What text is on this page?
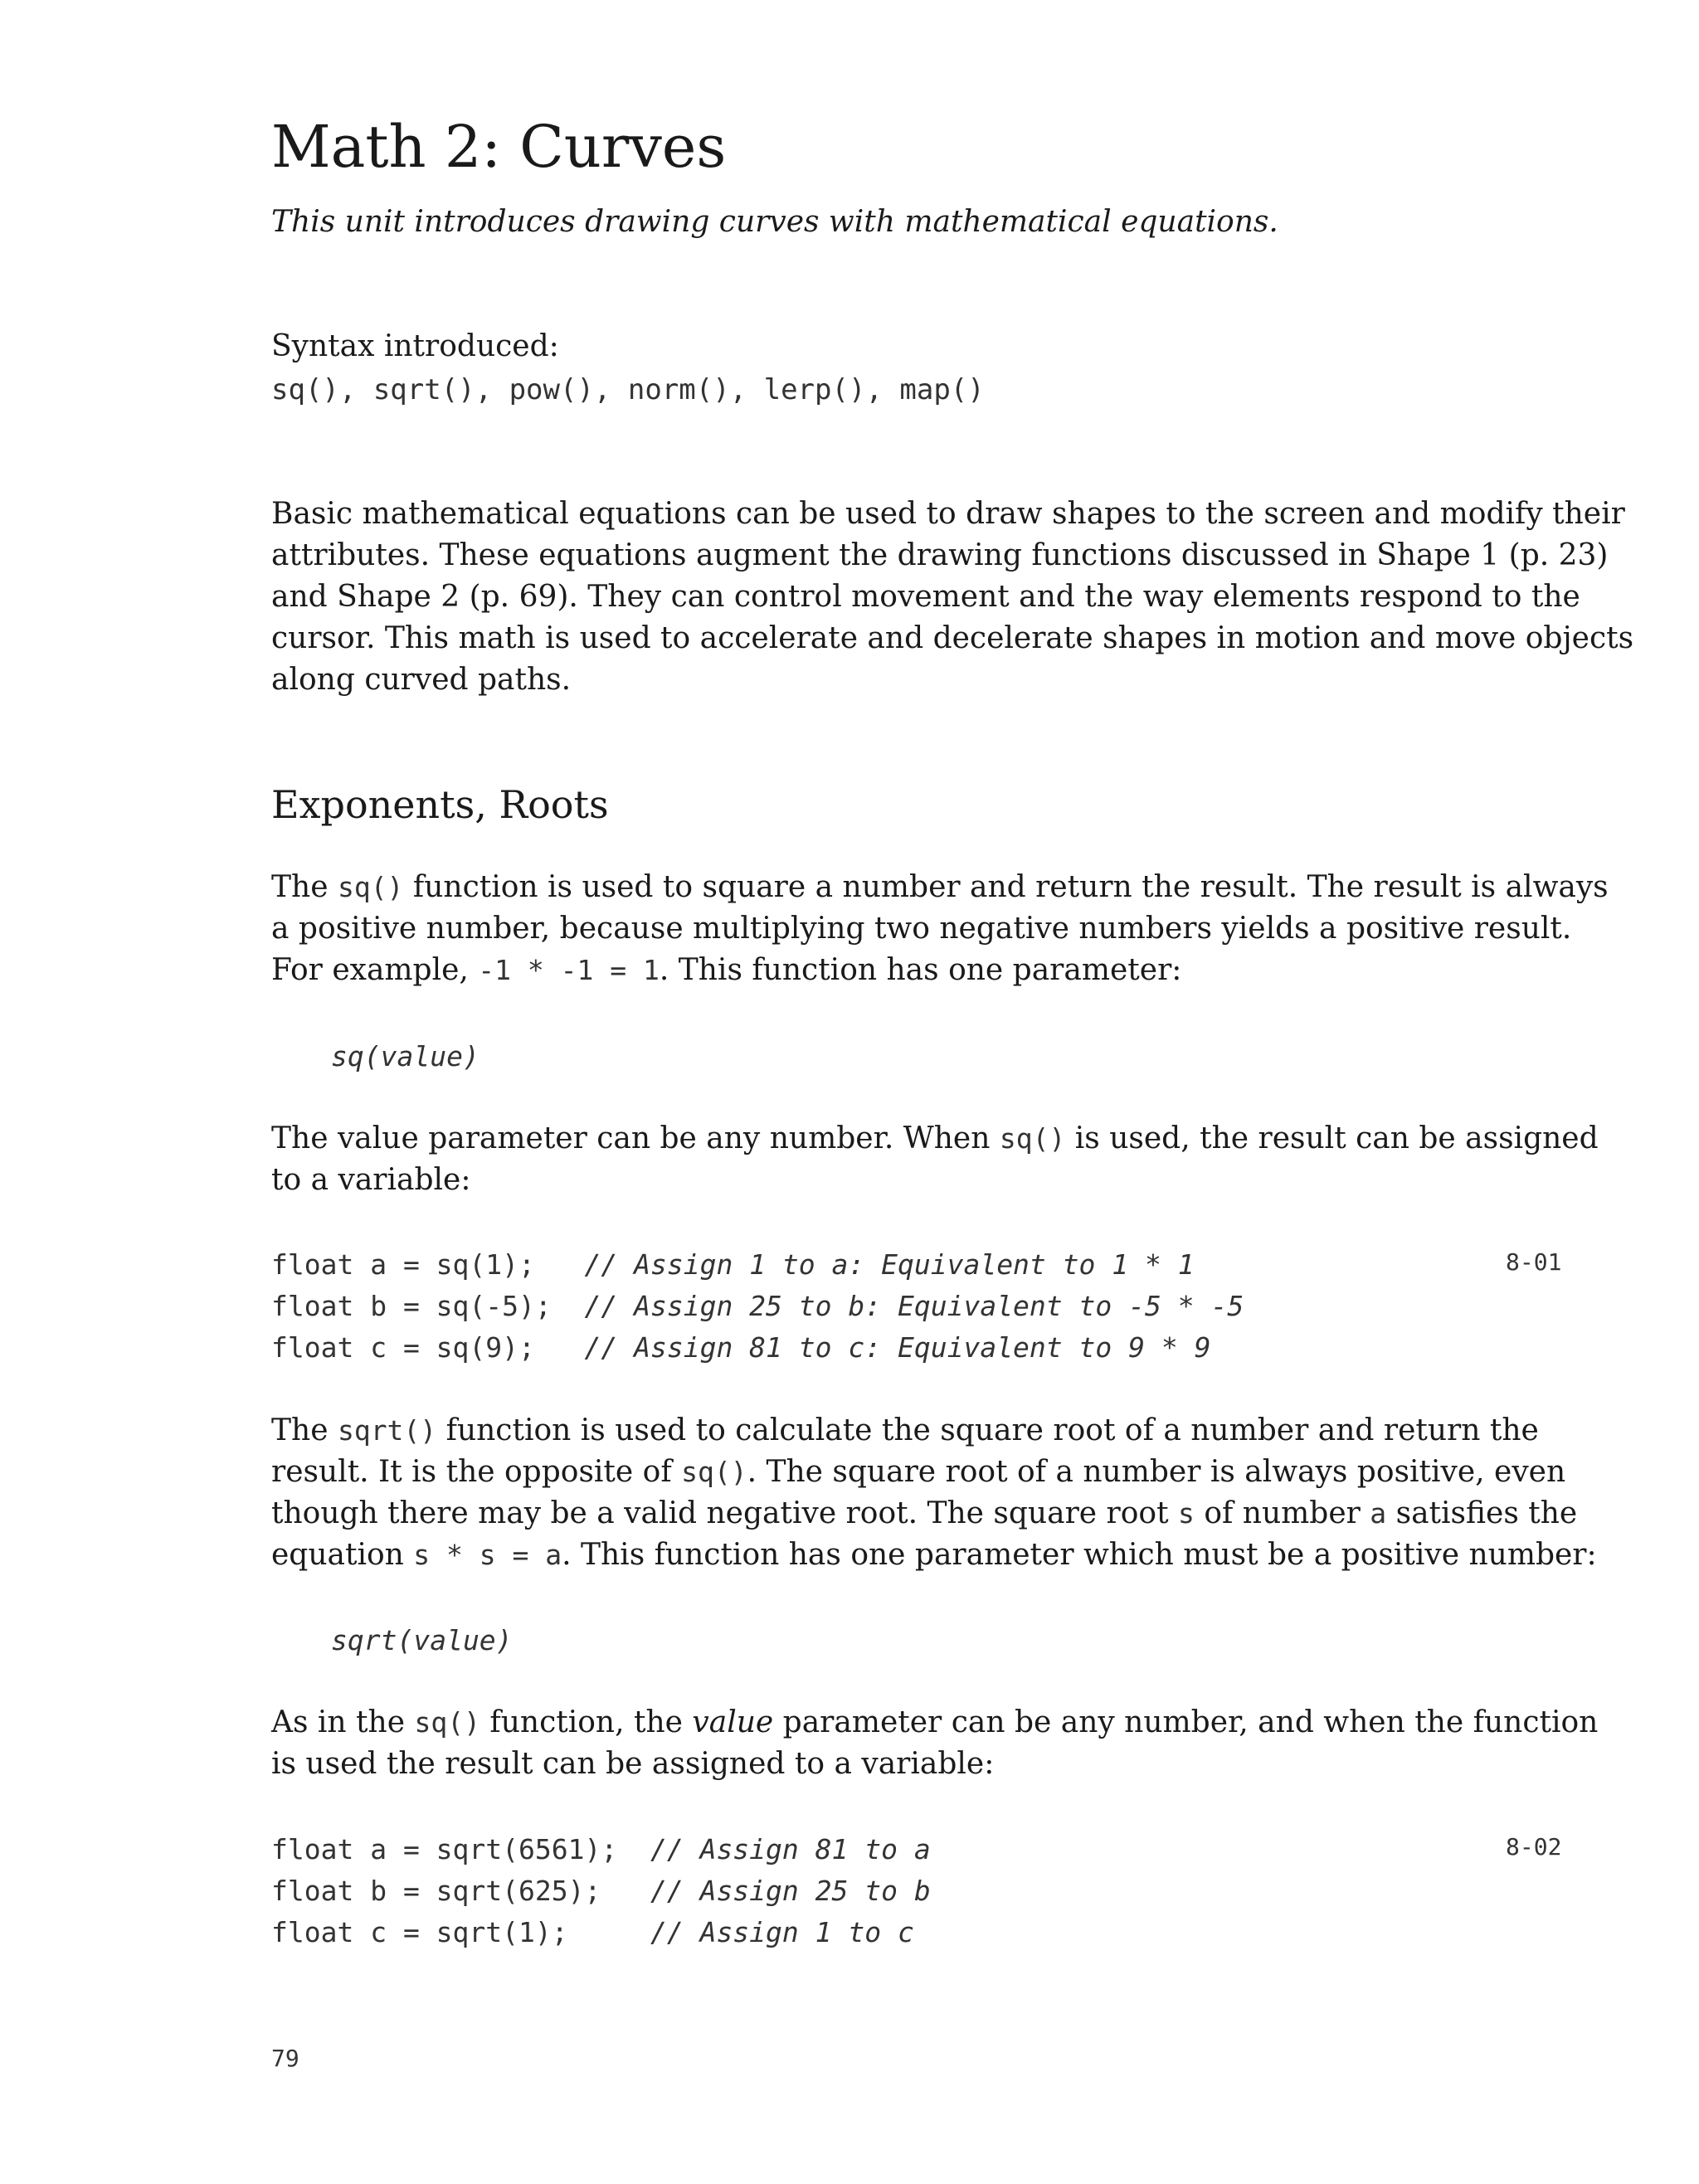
Math 2: Curves
This unit introduces drawing curves with mathematical equations.
Syntax introduced:
sq(), sqrt(), pow(), norm(), lerp(), map()

Basic mathematical equations can be used to draw shapes to the screen and modify their
attributes. These equations augment the drawing functions discussed in Shape 1 (p. 23)
and Shape 2 (p. 69). They can control movement and the way elements respond to the
cursor. This math is used to accelerate and decelerate shapes in motion and move objects
along curved paths.

Exponents, Roots

The sq() function is used to square a number and return the result. The result is always
a positive number, because multiplying two negative numbers yields a positive result.
For example, -1 * -1 = 1. This function has one parameter:

sq(value)

The value parameter can be any number. When sq() is used, the result can be assigned
to a variable:

float a = sq(1);   // Assign 1 to a: Equivalent to 1 * 1
float b = sq(-5);  // Assign 25 to b: Equivalent to -5 * -5
float c = sq(9);   // Assign 81 to c: Equivalent to 9 * 9
8-01

The sqrt() function is used to calculate the square root of a number and return the
result. It is the opposite of sq(). The square root of a number is always positive, even
though there may be a valid negative root. The square root s of number a satisfies the
equation s * s = a. This function has one parameter which must be a positive number:

sqrt(value)

As in the sq() function, the value parameter can be any number, and when the function
is used the result can be assigned to a variable:

float a = sqrt(6561);  // Assign 81 to a
float b = sqrt(625);   // Assign 25 to b
float c = sqrt(1);     // Assign 1 to c
8-02
79
